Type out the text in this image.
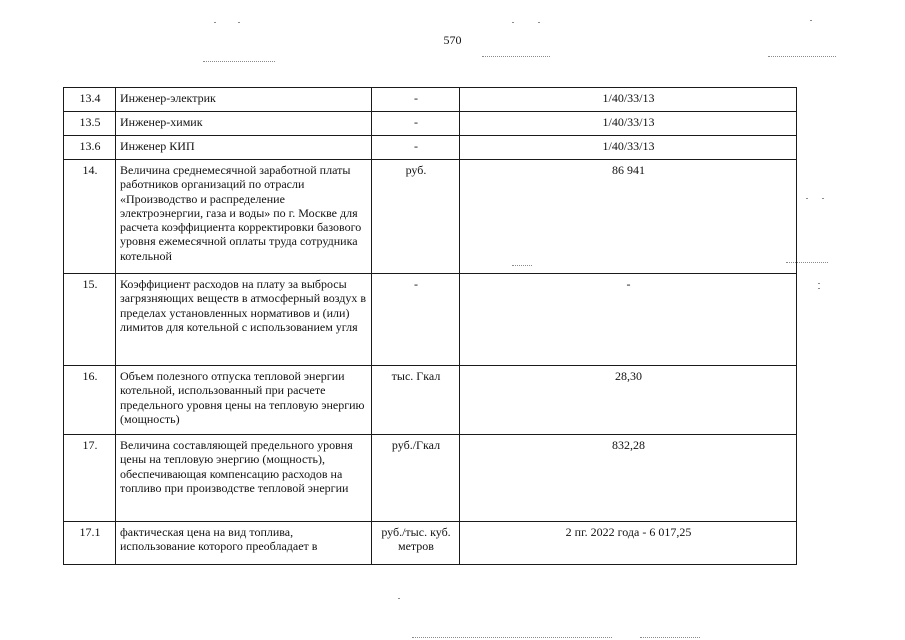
570
13.4	Инженер-электрик	-	1/40/33/13
13.5	Инженер-химик	-	1/40/33/13
13.6	Инженер КИП	-	1/40/33/13
14.	Величина среднемесячной заработной платы работников организаций по отрасли «Производство и распределение электроэнергии, газа и воды» по г. Москве для расчета коэффициента корректировки базового уровня ежемесячной оплаты труда сотрудника котельной	руб.	86 941
15.	Коэффициент расходов на плату за выбросы загрязняющих веществ в атмосферный воздух в пределах установленных нормативов и (или) лимитов для котельной с использованием угля	-	-
16.	Объем полезного отпуска тепловой энергии котельной, использованный при расчете предельного уровня цены на тепловую энергию (мощность)	тыс. Гкал	28,30
17.	Величина составляющей предельного уровня цены на тепловую энергию (мощность), обеспечивающая компенсацию расходов на топливо при производстве тепловой энергии	руб./Гкал	832,28
17.1	фактическая цена на вид топлива, использование которого преобладает в	руб./тыс. куб. метров	2 пг. 2022 года - 6 017,25
